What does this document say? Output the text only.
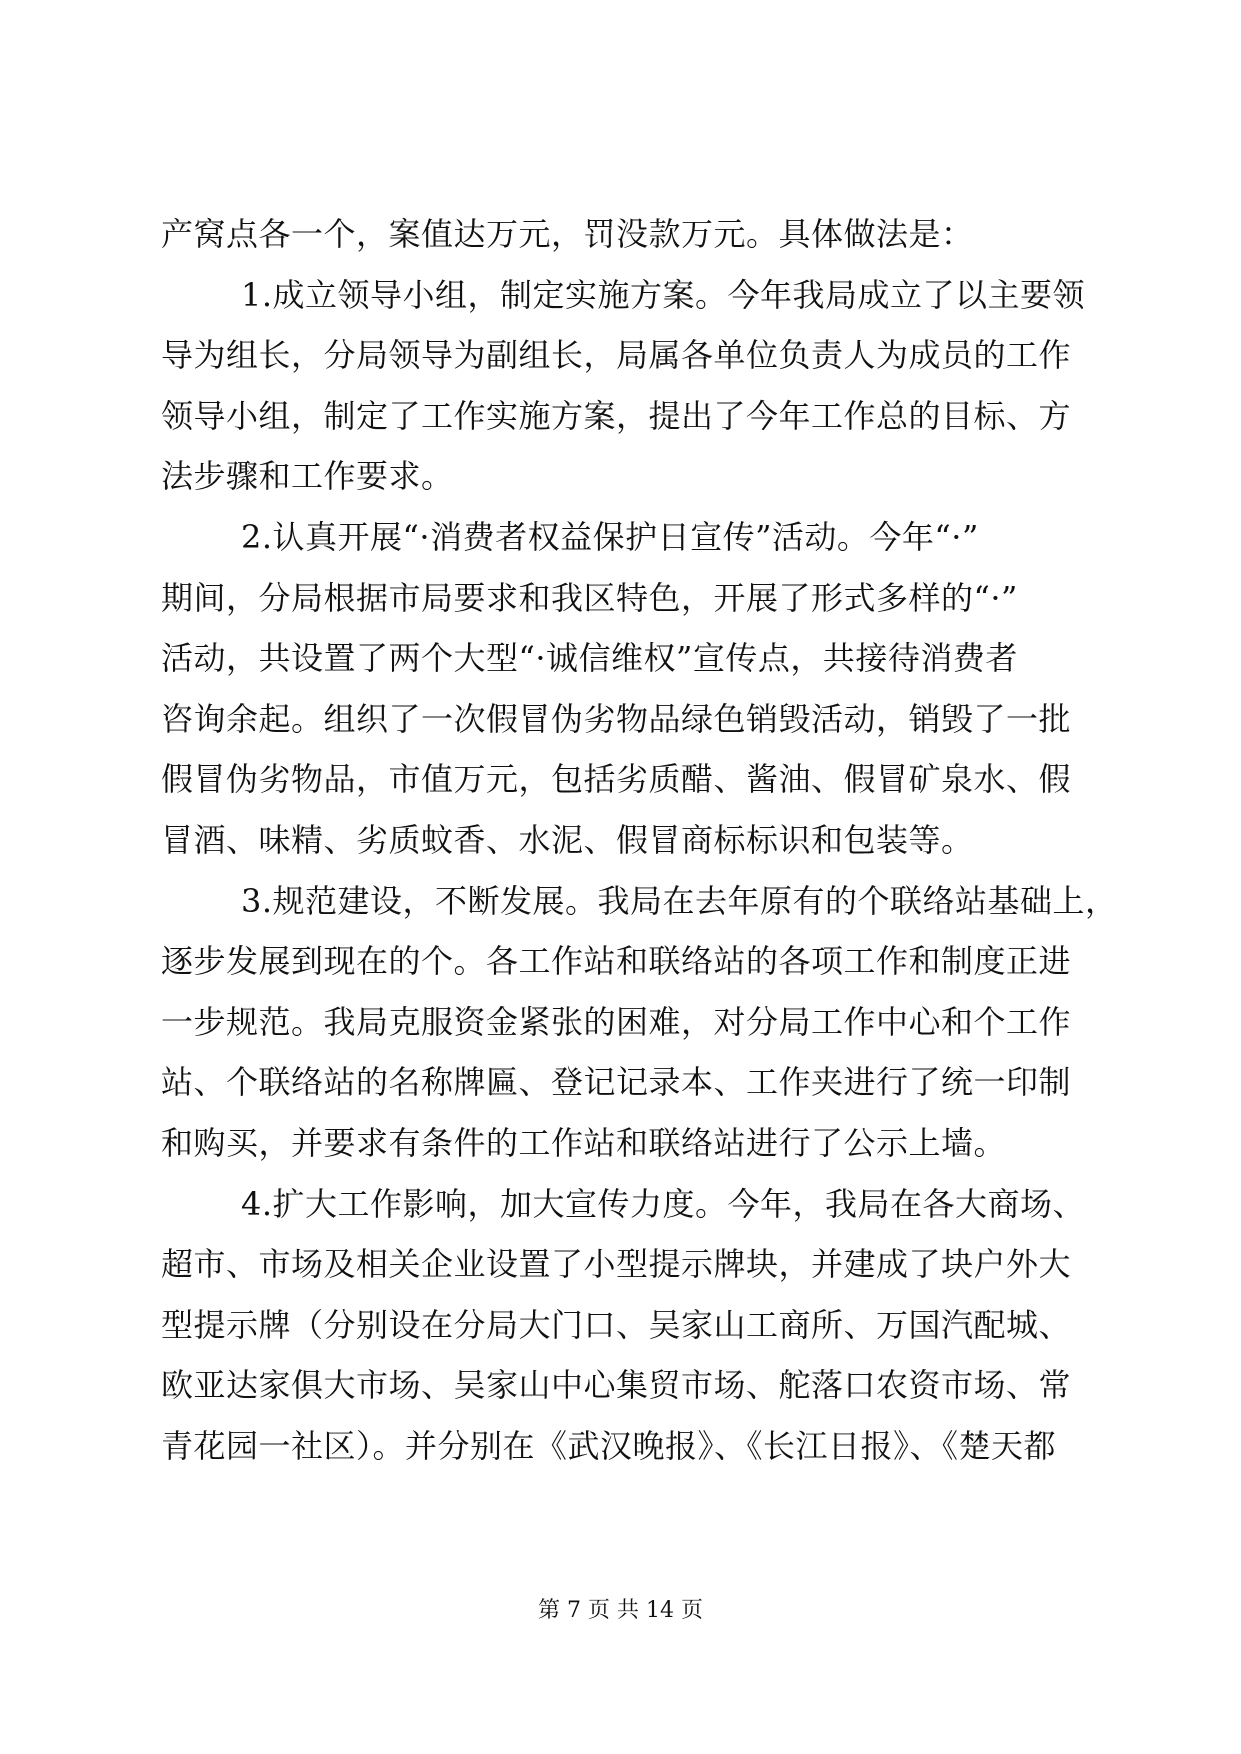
产窝点各一个，案值达万元，罚没款万元。具体做法是：
1.成立领导小组，制定实施方案。今年我局成立了以主要领
导为组长，分局领导为副组长，局属各单位负责人为成员的工作
领导小组，制定了工作实施方案，提出了今年工作总的目标、方
法步骤和工作要求。
2.认真开展“·消费者权益保护日宣传”活动。今年“·”
期间，分局根据市局要求和我区特色，开展了形式多样的“·”
活动，共设置了两个大型“·诚信维权”宣传点，共接待消费者
咨询余起。组织了一次假冒伪劣物品绿色销毁活动，销毁了一批
假冒伪劣物品，市值万元，包括劣质醋、酱油、假冒矿泉水、假
冒酒、味精、劣质蚊香、水泥、假冒商标标识和包装等。
3.规范建设，不断发展。我局在去年原有的个联络站基础上，
逐步发展到现在的个。各工作站和联络站的各项工作和制度正进
一步规范。我局克服资金紧张的困难，对分局工作中心和个工作
站、个联络站的名称牌匾、登记记录本、工作夹进行了统一印制
和购买，并要求有条件的工作站和联络站进行了公示上墙。
4.扩大工作影响，加大宣传力度。今年，我局在各大商场、
超市、市场及相关企业设置了小型提示牌块，并建成了块户外大
型提示牌（分别设在分局大门口、吴家山工商所、万国汽配城、
欧亚达家俱大市场、吴家山中心集贸市场、舵落口农资市场、常
青花园一社区）。并分别在《武汉晚报》、《长江日报》、《楚天都
第 7 页 共 14 页
